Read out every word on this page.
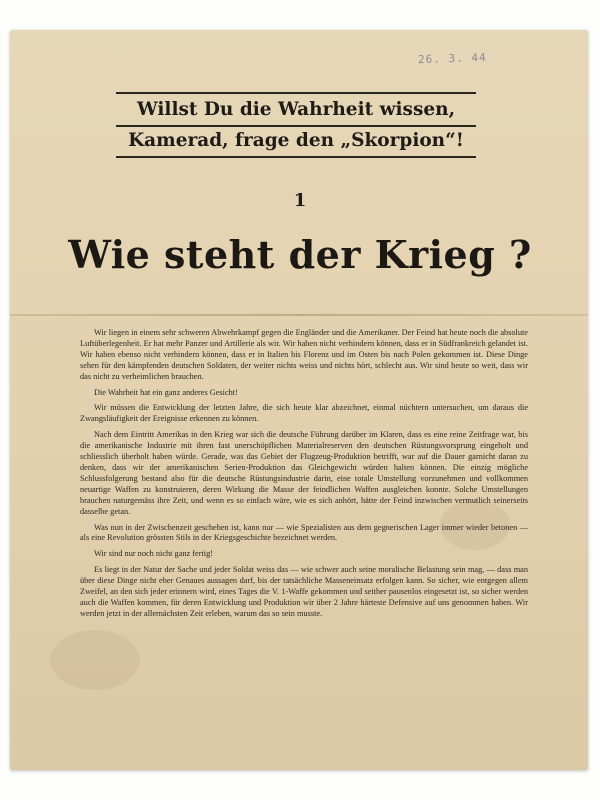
26. 3. 44
Willst Du die Wahrheit wissen,
Kamerad, frage den „Skorpion“!
1
Wie steht der Krieg ?

Wir liegen in einem sehr schweren Abwehrkampf gegen die Engländer und die Amerikaner. Der Feind hat heute noch die absolute Luftüberlegenheit. Er hat mehr Panzer und Artillerie als wir. Wir haben nicht verhindern können, dass er in Südfrankreich gelandet ist. Wir haben ebenso nicht verhindern können, dass er in Italien bis Florenz und im Osten bis nach Polen gekommen ist. Diese Dinge sehen für den kämpfenden deutschen Soldaten, der weiter nichts weiss und nichts hört, schlecht aus. Wir sind heute so weit, dass wir das nicht zu verheimlichen brauchen.

Die Wahrheit hat ein ganz anderes Gesicht!

Wir müssen die Entwicklung der letzten Jahre, die sich heute klar abzeichnet, einmal nüchtern untersuchen, um daraus die Zwangsläufigkeit der Ereignisse erkennen zu können.

Nach dem Eintritt Amerikas in den Krieg war sich die deutsche Führung darüber im Klaren, dass es eine reine Zeitfrage war, bis die amerikanische Industrie mit ihren fast unerschöpflichen Materialreserven den deutschen Rüstungsvorsprung eingeholt und schliesslich überholt haben würde. Gerade, was das Gebiet der Flugzeug-Produktion betrifft, war auf die Dauer garnicht daran zu denken, dass wir der amerikanischen Serien-Produktion das Gleichgewicht würden halten können. Die einzig mögliche Schlussfolgerung bestand also für die deutsche Rüstungsindustrie darin, eine totale Umstellung vorzunehmen und vollkommen neuartige Waffen zu konstruieren, deren Wirkung die Masse der feindlichen Waffen ausgleichen konnte. Solche Umstellungen brauchen naturgemäss ihre Zeit, und wenn es so einfach wäre, wie es sich anhört, hätte der Feind inzwischen vermutlich seinerseits dasselbe getan.

Was nun in der Zwischenzeit geschehen ist, kann nur — wie Spezialisten aus dem gegnerischen Lager immer wieder betonen — als eine Revolution grössten Stils in der Kriegsgeschichte bezeichnet werden.

Wir sind nur noch nicht ganz fertig!

Es liegt in der Natur der Sache und jeder Soldat weiss das — wie schwer auch seine moralische Belastung sein mag, — dass man über diese Dinge nicht eher Genaues aussagen darf, bis der tatsächliche Masseneinsatz erfolgen kann. So sicher, wie entgegen allem Zweifel, an den sich jeder erinnern wird, eines Tages die V. 1-Waffe gekommen und seither pausenlos eingesetzt ist, so sicher werden auch die Waffen kommen, für deren Entwicklung und Produktion wir über 2 Jahre härteste Defensive auf uns genommen haben. Wir werden jetzt in der allernächsten Zeit erleben, warum das so sein musste.
